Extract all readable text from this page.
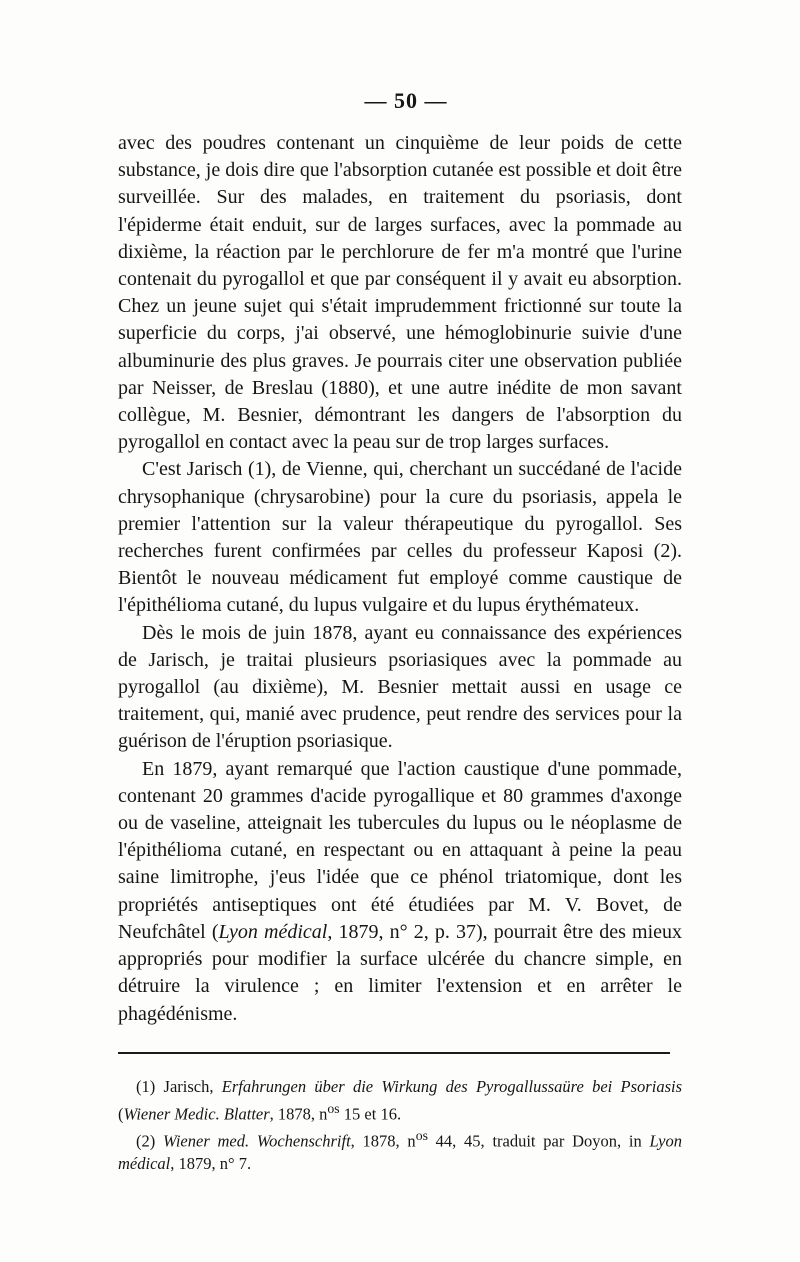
— 50 —

avec des poudres contenant un cinquième de leur poids de cette substance, je dois dire que l'absorption cutanée est possible et doit être surveillée. Sur des malades, en traitement du psoriasis, dont l'épiderme était enduit, sur de larges surfaces, avec la pommade au dixième, la réaction par le perchlorure de fer m'a montré que l'urine contenait du pyrogallol et que par conséquent il y avait eu absorption. Chez un jeune sujet qui s'était imprudemment frictionné sur toute la superficie du corps, j'ai observé, une hémoglobinurie suivie d'une albuminurie des plus graves. Je pourrais citer une observation publiée par Neisser, de Breslau (1880), et une autre inédite de mon savant collègue, M. Besnier, démontrant les dangers de l'absorption du pyrogallol en contact avec la peau sur de trop larges surfaces.

C'est Jarisch (1), de Vienne, qui, cherchant un succédané de l'acide chrysophanique (chrysarobine) pour la cure du psoriasis, appela le premier l'attention sur la valeur thérapeutique du pyrogallol. Ses recherches furent confirmées par celles du professeur Kaposi (2). Bientôt le nouveau médicament fut employé comme caustique de l'épithélioma cutané, du lupus vulgaire et du lupus érythémateux.

Dès le mois de juin 1878, ayant eu connaissance des expériences de Jarisch, je traitai plusieurs psoriasiques avec la pommade au pyrogallol (au dixième), M. Besnier mettait aussi en usage ce traitement, qui, manié avec prudence, peut rendre des services pour la guérison de l'éruption psoriasique.

En 1879, ayant remarqué que l'action caustique d'une pommade, contenant 20 grammes d'acide pyrogallique et 80 grammes d'axonge ou de vaseline, atteignait les tubercules du lupus ou le néoplasme de l'épithélioma cutané, en respectant ou en attaquant à peine la peau saine limitrophe, j'eus l'idée que ce phénol triatomique, dont les propriétés antiseptiques ont été étudiées par M. V. Bovet, de Neufchâtel (Lyon médical, 1879, n° 2, p. 37), pourrait être des mieux appropriés pour modifier la surface ulcérée du chancre simple, en détruire la virulence ; en limiter l'extension et en arrêter le phagédénisme.

(1) Jarisch, Erfahrungen über die Wirkung des Pyrogallussaüre bei Psoriasis (Wiener Medic. Blatter, 1878, $n^{os}$ 15 et 16.

(2) Wiener med. Wochenschrift, 1878, $n^{os}$ 44, 45, traduit par Doyon, in Lyon médical, 1879, n° 7.
